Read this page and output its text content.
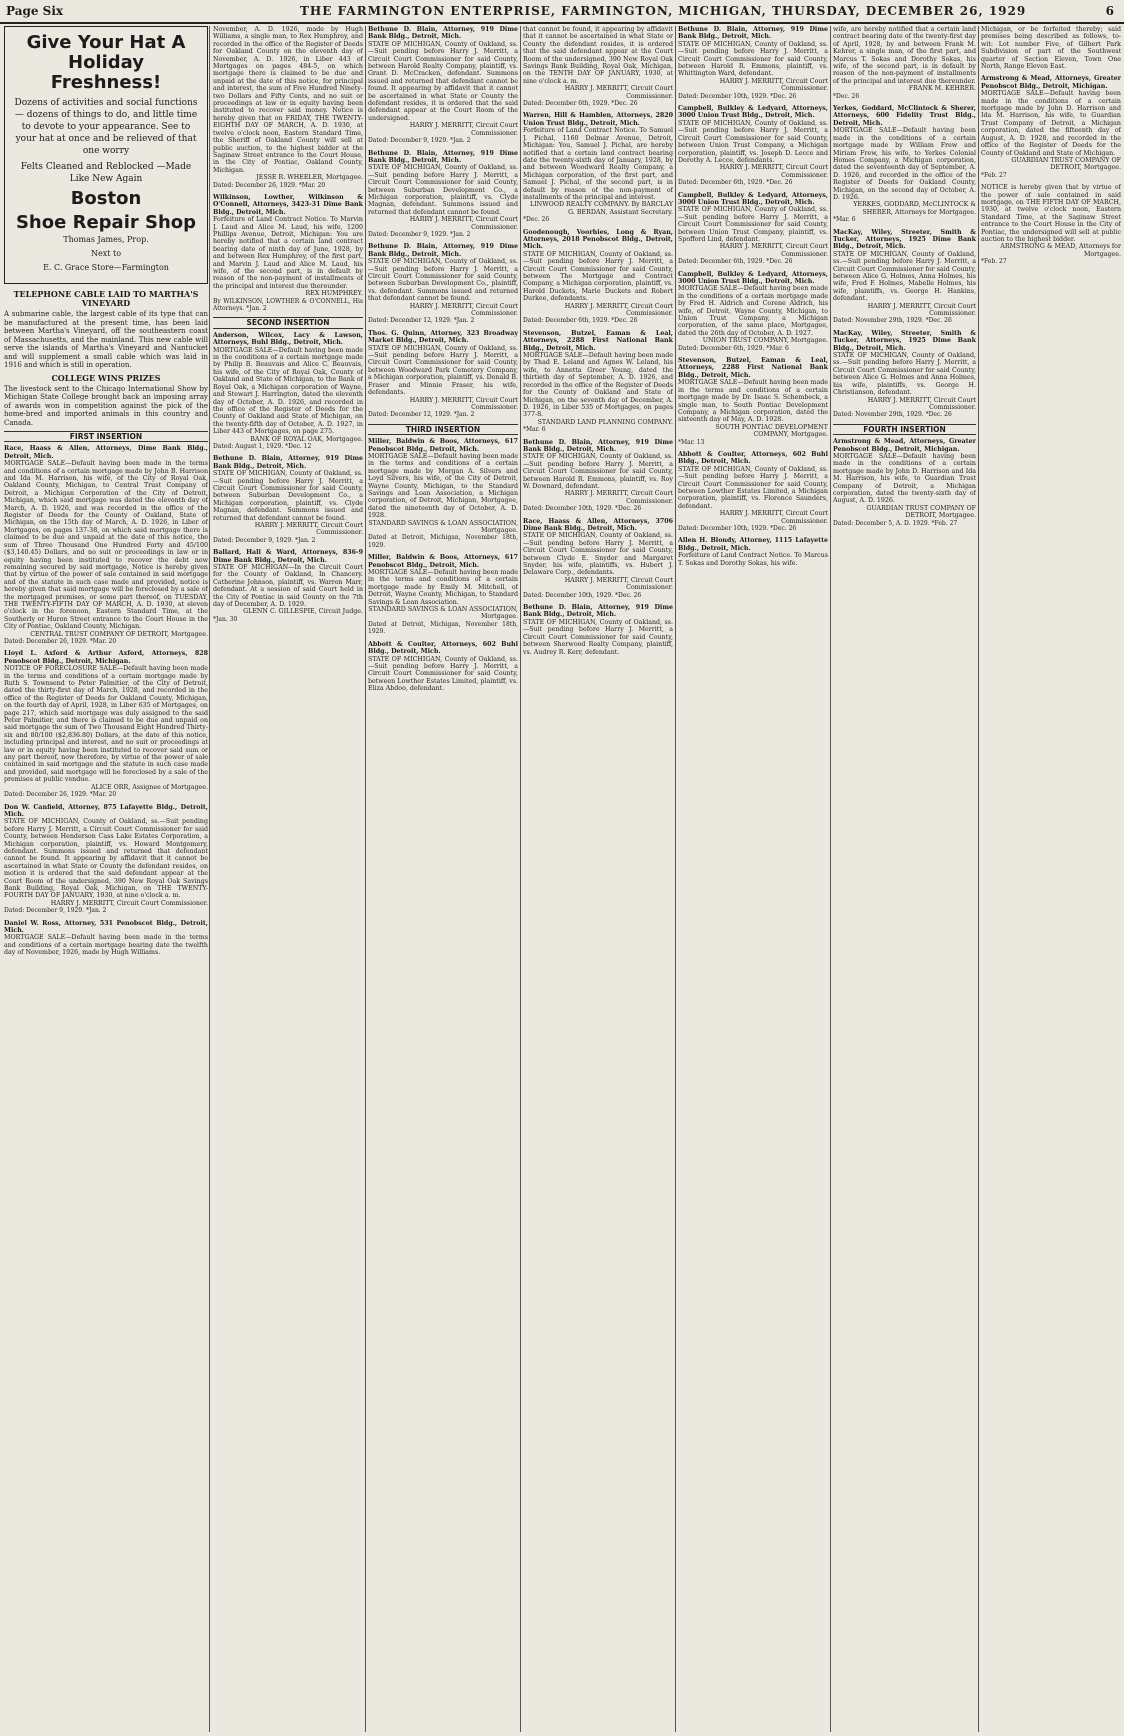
Page Six	THE FARMINGTON ENTERPRISE, FARMINGTON, MICHIGAN, THURSDAY, DECEMBER 26, 1929	6
Give Your Hat A Holiday Freshness!

Dozens of activities and social functions — dozens of things to do, and little time to devote to your appearance. See to your hat at once and be relieved of that one worry

Felts Cleaned and Reblocked —Made Like New Again

Boston
Shoe Repair Shop

Thomas James, Prop.

Next to

E. C. Grace Store—Farmington

TELEPHONE CABLE LAID TO MARTHA'S VINEYARD

A submarine cable, the largest cable of its type that can be manufactured at the present time, has been laid between Martha's Vineyard, off the southeastern coast of Massachusetts, and the mainland. This new cable will serve the islands of Martha's Vineyard and Nantucket and will supplement a small cable which was laid in 1916 and which is still in operation.

COLLEGE WINS PRIZES

The livestock sent to the Chicago International Show by Michigan State College brought back an imposing array of awards won in competition against the pick of the home-bred and imported animals in this country and Canada.

FIRST INSERTION
Race, Haass & Allen, Attorneys, Dime Bank Bldg., Detroit, Mich.
MORTGAGE SALE—Default having been made in the terms and conditions of a certain mortgage made by John B. Harrison and Ida M. Harrison, his wife, of the City of Royal Oak, Oakland County, Michigan, to Central Trust Company of Detroit, a Michigan Corporation of the City of Detroit, Michigan, which said mortgage was dated the eleventh day of March, A. D. 1926, and was recorded in the office of the Register of Deeds for the County of Oakland, State of Michigan, on the 15th day of March, A. D. 1926, in Liber of Mortgages, on pages 137-38, on which said mortgage there is claimed to be due and unpaid at the date of this notice, the sum of Three Thousand One Hundred Forty and 45/100 ($3,140.45) Dollars, and no suit or proceedings in law or in equity having been instituted to recover the debt now remaining secured by said mortgage, Notice is hereby given that by virtue of the power of sale contained in said mortgage and of the statute in such case made and provided, notice is hereby given that said mortgage will be foreclosed by a sale of the mortgaged premises, or some part thereof, on TUESDAY, THE TWENTY-FIFTH DAY OF MARCH, A. D. 1930, at eleven o'clock in the forenoon, Eastern Standard Time, at the Southerly or Huron Street entrance to the Court House in the City of Pontiac, Oakland County, Michigan.
CENTRAL TRUST COMPANY OF DETROIT, Mortgagee.
Dated: December 26, 1929. *Mar. 20
Lloyd L. Axford & Arthur Axford, Attorneys, 828 Penobscot Bldg., Detroit, Michigan.
NOTICE OF FORECLOSURE SALE—Default having been made in the terms and conditions of a certain mortgage made by Ruth S. Townsend to Peter Palmitier, of the City of Detroit, dated the thirty-first day of March, 1928, and recorded in the office of the Register of Deeds for Oakland County, Michigan, on the fourth day of April, 1928, in Liber 635 of Mortgages, on page 217, which said mortgage was duly assigned to the said Peter Palmitier, and there is claimed to be due and unpaid on said mortgage the sum of Two Thousand Eight Hundred Thirty-six and 80/100 ($2,836.80) Dollars, at the date of this notice, including principal and interest, and no suit or proceedings at law or in equity having been instituted to recover said sum or any part thereof, now therefore, by virtue of the power of sale contained in said mortgage and the statute in such case made and provided, said mortgage will be foreclosed by a sale of the premises at public vendue.
ALICE ORR, Assignee of Mortgagee.
Dated: December 26, 1929. *Mar. 20
Don W. Canfield, Attorney, 875 Lafayette Bldg., Detroit, Mich.
STATE OF MICHIGAN, County of Oakland, ss.—Suit pending before Harry J. Merritt, a Circuit Court Commissioner for said County, between Henderson Cass Lake Estates Corporation, a Michigan corporation, plaintiff, vs. Howard Montgomery, defendant. Summons issued and returned that defendant cannot be found. It appearing by affidavit that it cannot be ascertained in what State or County the defendant resides, on motion it is ordered that the said defendant appear at the Court Room of the undersigned, 390 New Royal Oak Savings Bank Building, Royal Oak, Michigan, on THE TWENTY-FOURTH DAY OF JANUARY, 1930, at nine o'clock a. m.
HARRY J. MERRITT, Circuit Court Commissioner.
Dated: December 9, 1929. *Jan. 2
Daniel W. Ross, Attorney, 531 Penobscot Bldg., Detroit, Mich.
MORTGAGE SALE—Default having been made in the terms and conditions of a certain mortgage bearing date the twelfth day of November, 1926, made by Hugh Williams.
November, A. D. 1926, made by Hugh Williams, a single man, to Rex Humphrey, and recorded in the office of the Register of Deeds for Oakland County on the eleventh day of November, A. D. 1926, in Liber 443 of Mortgages on pages 484-5, on which mortgage there is claimed to be due and unpaid at the date of this notice, for principal and interest, the sum of Five Hundred Ninety-two Dollars and Fifty Cents, and no suit or proceedings at law or in equity having been instituted to recover said money. Notice is hereby given that on FRIDAY, THE TWENTY-EIGHTH DAY OF MARCH, A. D. 1930, at twelve o'clock noon, Eastern Standard Time, the Sheriff of Oakland County will sell at public auction, to the highest bidder at the Saginaw Street entrance to the Court House, in the City of Pontiac, Oakland County, Michigan.
JESSE R. WHEELER, Mortgagee.
Dated: December 26, 1929. *Mar. 20
Wilkinson, Lowther, Wilkinson & O'Connell, Attorneys, 3423-31 Dime Bank Bldg., Detroit, Mich.
Forfeiture of Land Contract Notice. To Marvin J. Laud and Alice M. Laud, his wife, 1200 Phillips Avenue, Detroit, Michigan: You are hereby notified that a certain land contract bearing date of ninth day of June, 1928, by and between Rex Humphrey, of the first part, and Marvin J. Laud and Alice M. Laud, his wife, of the second part, is in default by reason of the non-payment of installments of the principal and interest due thereunder.
REX HUMPHREY.
By WILKINSON, LOWTHER & O'CONNELL, His Attorneys. *Jan. 2
SECOND INSERTION
Anderson, Wilcox, Lacy & Lawson, Attorneys, Buhl Bldg., Detroit, Mich.
MORTGAGE SALE—Default having been made in the conditions of a certain mortgage made by Philip B. Beauvais and Alice C. Beauvais, his wife, of the City of Royal Oak, County of Oakland and State of Michigan, to the Bank of Royal Oak, a Michigan corporation of Wayne, and Stewart J. Harrington, dated the eleventh day of October, A. D. 1926, and recorded in the office of the Register of Deeds for the County of Oakland and State of Michigan, on the twenty-fifth day of October, A. D. 1927, in Liber 443 of Mortgages, on page 275.
BANK OF ROYAL OAK, Mortgagee.
Dated: August 1, 1929. *Dec. 12
Bethune D. Blain, Attorney, 919 Dime Bank Bldg., Detroit, Mich.
STATE OF MICHIGAN, County of Oakland, ss.—Suit pending before Harry J. Merritt, a Circuit Court Commissioner for said County, between Suburban Development Co., a Michigan corporation, plaintiff, vs. Clyde Magnan, defendant. Summons issued and returned that defendant cannot be found.
HARRY J. MERRITT, Circuit Court Commissioner.
Dated: December 9, 1929. *Jan. 2
Ballard, Hall & Ward, Attorneys, 836-9 Dime Bank Bldg., Detroit, Mich.
STATE OF MICHIGAN—In the Circuit Court for the County of Oakland, In Chancery. Catherine Johnson, plaintiff, vs. Warren Marr, defendant. At a session of said Court held in the City of Pontiac in said County on the 7th day of December, A. D. 1929.
GLENN C. GILLESPIE, Circuit Judge.
*Jan. 30
Bethune D. Blain, Attorney, 919 Dime Bank Bldg., Detroit, Mich.
STATE OF MICHIGAN, County of Oakland, ss.—Suit pending before Harry J. Merritt, a Circuit Court Commissioner for said County, between Harold Realty Company, plaintiff, vs. Grant D. McCracken, defendant. Summons issued and returned that defendant cannot be found. It appearing by affidavit that it cannot be ascertained in what State or County the defendant resides, it is ordered that the said defendant appear at the Court Room of the undersigned.
HARRY J. MERRITT, Circuit Court Commissioner.
Dated: December 9, 1929. *Jan. 2
Bethune D. Blain, Attorney, 919 Dime Bank Bldg., Detroit, Mich.
STATE OF MICHIGAN, County of Oakland, ss.—Suit pending before Harry J. Merritt, a Circuit Court Commissioner for said County, between Suburban Development Co., a Michigan corporation, plaintiff, vs. Clyde Magnan, defendant. Summons issued and returned that defendant cannot be found.
HARRY J. MERRITT, Circuit Court Commissioner.
Dated: December 9, 1929. *Jan. 2
Bethune D. Blain, Attorney, 919 Dime Bank Bldg., Detroit, Mich.
STATE OF MICHIGAN, County of Oakland, ss.—Suit pending before Harry J. Merritt, a Circuit Court Commissioner for said County, between Suburban Development Co., plaintiff, vs. defendant. Summons issued and returned that defendant cannot be found.
HARRY J. MERRITT, Circuit Court Commissioner.
Dated: December 12, 1929. *Jan. 2
Thos. G. Quinn, Attorney, 323 Broadway Market Bldg., Detroit, Mich.
STATE OF MICHIGAN, County of Oakland, ss.—Suit pending before Harry J. Merritt, a Circuit Court Commissioner for said County, between Woodward Park Cemetery Company, a Michigan corporation, plaintiff, vs. Donald B. Fraser and Minnie Fraser, his wife, defendants.
HARRY J. MERRITT, Circuit Court Commissioner.
Dated: December 12, 1929. *Jan. 2
THIRD INSERTION
Miller, Baldwin & Boos, Attorneys, 617 Penobscot Bldg., Detroit, Mich.
MORTGAGE SALE—Default having been made in the terms and conditions of a certain mortgage made by Morgan A. Silvers and Loyd Silvers, his wife, of the City of Detroit, Wayne County, Michigan, to the Standard Savings and Loan Association, a Michigan corporation, of Detroit, Michigan, Mortgagee, dated the nineteenth day of October, A. D. 1928.
STANDARD SAVINGS & LOAN ASSOCIATION, Mortgagee.
Dated at Detroit, Michigan, November 18th, 1929.
Miller, Baldwin & Boos, Attorneys, 617 Penobscot Bldg., Detroit, Mich.
MORTGAGE SALE—Default having been made in the terms and conditions of a certain mortgage made by Emily M. Mitchell, of Detroit, Wayne County, Michigan, to Standard Savings & Loan Association.
STANDARD SAVINGS & LOAN ASSOCIATION, Mortgagee.
Dated at Detroit, Michigan, November 18th, 1929.
Abbott & Coulter, Attorneys, 602 Buhl Bldg., Detroit, Mich.
STATE OF MICHIGAN, County of Oakland, ss.—Suit pending before Harry J. Merritt, a Circuit Court Commissioner for said County, between Lowther Estates Limited, plaintiff, vs. Eliza Abdoo, defendant.
that cannot be found, it appearing by affidavit that it cannot be ascertained in what State or County the defendant resides, it is ordered that the said defendant appear at the Court Room of the undersigned, 390 New Royal Oak Savings Bank Building, Royal Oak, Michigan, on the TENTH DAY OF JANUARY, 1930, at nine o'clock a. m.
HARRY J. MERRITT, Circuit Court Commissioner.
Dated: December 6th, 1929. *Dec. 26
Warren, Hill & Hamblen, Attorneys, 2820 Union Trust Bldg., Detroit, Mich.
Forfeiture of Land Contract Notice. To Samuel J. Pichal, 1160 Delmar Avenue, Detroit, Michigan: You, Samuel J. Pichal, are hereby notified that a certain land contract bearing date the twenty-sixth day of January, 1928, by and between Woodward Realty Company, a Michigan corporation, of the first part, and Samuel J. Pichal, of the second part, is in default by reason of the non-payment of installments of the principal and interest.
LINWOOD REALTY COMPANY. By BARCLAY G. BERDAN, Assistant Secretary.
*Dec. 26
Goodenough, Voorhies, Long & Ryan, Attorneys, 2018 Penobscot Bldg., Detroit, Mich.
STATE OF MICHIGAN, County of Oakland, ss.—Suit pending before Harry J. Merritt, a Circuit Court Commissioner for said County, between The Mortgage and Contract Company, a Michigan corporation, plaintiff, vs. Harold Duckets, Marie Duckets and Robert Durkee, defendants.
HARRY J. MERRITT, Circuit Court Commissioner.
Dated: December 6th, 1929. *Dec. 26
Stevenson, Butzel, Eaman & Leal, Attorneys, 2288 First National Bank Bldg., Detroit, Mich.
MORTGAGE SALE—Default having been made by Thad E. Leland and Agnes W. Leland, his wife, to Annetta Greer Young, dated the thirtieth day of September, A. D. 1926, and recorded in the office of the Register of Deeds for the County of Oakland and State of Michigan, on the seventh day of December, A. D. 1926, in Liber 535 of Mortgages, on pages 377-8.
STANDARD LAND PLANNING COMPANY.
*Mar. 6
Bethune D. Blain, Attorney, 919 Dime Bank Bldg., Detroit, Mich.
STATE OF MICHIGAN, County of Oakland, ss.—Suit pending before Harry J. Merritt, a Circuit Court Commissioner for said County, between Harold R. Emmons, plaintiff, vs. Roy W. Downard, defendant.
HARRY J. MERRITT, Circuit Court Commissioner.
Dated: December 10th, 1929. *Dec. 26
Race, Haass & Allen, Attorneys, 3706 Dime Bank Bldg., Detroit, Mich.
STATE OF MICHIGAN, County of Oakland, ss.—Suit pending before Harry J. Merritt, a Circuit Court Commissioner for said County, between Clyde E. Snyder and Margaret Snyder, his wife, plaintiffs, vs. Hubert J. Delaware Corp., defendants.
HARRY J. MERRITT, Circuit Court Commissioner.
Dated: December 10th, 1929. *Dec. 26
Bethune D. Blain, Attorney, 919 Dime Bank Bldg., Detroit, Mich.
STATE OF MICHIGAN, County of Oakland, ss.—Suit pending before Harry J. Merritt, a Circuit Court Commissioner for said County, between Sherwood Realty Company, plaintiff, vs. Audrey R. Kerr, defendant.
Bethune D. Blain, Attorney, 919 Dime Bank Bldg., Detroit, Mich.
STATE OF MICHIGAN, County of Oakland, ss.—Suit pending before Harry J. Merritt, a Circuit Court Commissioner for said County, between Harold R. Emmons, plaintiff, vs. Whittington Ward, defendant.
HARRY J. MERRITT, Circuit Court Commissioner.
Dated: December 10th, 1929. *Dec. 26
Campbell, Bulkley & Ledyard, Attorneys, 3000 Union Trust Bldg., Detroit, Mich.
STATE OF MICHIGAN, County of Oakland, ss.—Suit pending before Harry J. Merritt, a Circuit Court Commissioner for said County, between Union Trust Company, a Michigan corporation, plaintiff, vs. Joseph D. Lecce and Dorothy A. Lecce, defendants.
HARRY J. MERRITT, Circuit Court Commissioner.
Dated: December 6th, 1929. *Dec. 26
Campbell, Bulkley & Ledyard, Attorneys, 3000 Union Trust Bldg., Detroit, Mich.
STATE OF MICHIGAN, County of Oakland, ss.—Suit pending before Harry J. Merritt, a Circuit Court Commissioner for said County, between Union Trust Company, plaintiff, vs. Spofford Lind, defendant.
HARRY J. MERRITT, Circuit Court Commissioner.
Dated: December 6th, 1929. *Dec. 26
Campbell, Bulkley & Ledyard, Attorneys, 3000 Union Trust Bldg., Detroit, Mich.
MORTGAGE SALE—Default having been made in the conditions of a certain mortgage made by Fred H. Aldrich and Corene Aldrich, his wife, of Detroit, Wayne County, Michigan, to Union Trust Company, a Michigan corporation, of the same place, Mortgagee, dated the 26th day of October, A. D. 1927.
UNION TRUST COMPANY, Mortgagee.
Dated: December 6th, 1929. *Mar. 6
Stevenson, Butzel, Eaman & Leal, Attorneys, 2288 First National Bank Bldg., Detroit, Mich.
MORTGAGE SALE—Default having been made in the terms and conditions of a certain mortgage made by Dr. Isaac S. Schembeck, a single man, to South Pontiac Development Company, a Michigan corporation, dated the sixteenth day of May, A. D. 1928.
SOUTH PONTIAC DEVELOPMENT COMPANY, Mortgagee.
*Mar. 13
Abbott & Coulter, Attorneys, 602 Buhl Bldg., Detroit, Mich.
STATE OF MICHIGAN, County of Oakland, ss.—Suit pending before Harry J. Merritt, a Circuit Court Commissioner for said County, between Lowther Estates Limited, a Michigan corporation, plaintiff, vs. Florence Saunders, defendant.
HARRY J. MERRITT, Circuit Court Commissioner.
Dated: December 10th, 1929. *Dec. 26
Allen H. Blondy, Attorney, 1115 Lafayette Bldg., Detroit, Mich.
Forfeiture of Land Contract Notice. To Marcus T. Sokas and Dorothy Sokas, his wife.
wife, are hereby notified that a certain land contract bearing date of the twenty-first day of April, 1928, by and between Frank M. Kehrer, a single man, of the first part, and Marcus T. Sokas and Dorothy Sokas, his wife, of the second part, is in default by reason of the non-payment of installments of the principal and interest due thereunder.
FRANK M. KEHRER.
*Dec. 26
Yerkes, Goddard, McClintock & Sherer, Attorneys, 600 Fidelity Trust Bldg., Detroit, Mich.
MORTGAGE SALE—Default having been made in the conditions of a certain mortgage made by William Frew and Miriam Frew, his wife, to Yerkes Colonial Homes Company, a Michigan corporation, dated the seventeenth day of September, A. D. 1926, and recorded in the office of the Register of Deeds for Oakland County, Michigan, on the second day of October, A. D. 1926.
YERKES, GODDARD, McCLINTOCK & SHERER, Attorneys for Mortgagee.
*Mar. 6
MacKay, Wiley, Streeter, Smith & Tucker, Attorneys, 1925 Dime Bank Bldg., Detroit, Mich.
STATE OF MICHIGAN, County of Oakland, ss.—Suit pending before Harry J. Merritt, a Circuit Court Commissioner for said County, between Alice G. Holmes, Anna Holmes, his wife, Fred F. Holmes, Mabelle Holmes, his wife, plaintiffs, vs. George H. Hankins, defendant.
HARRY J. MERRITT, Circuit Court Commissioner.
Dated: November 29th, 1929. *Dec. 26
MacKay, Wiley, Streeter, Smith & Tucker, Attorneys, 1925 Dime Bank Bldg., Detroit, Mich.
STATE OF MICHIGAN, County of Oakland, ss.—Suit pending before Harry J. Merritt, a Circuit Court Commissioner for said County, between Alice G. Holmes and Anna Holmes, his wife, plaintiffs, vs. George H. Christianson, defendant.
HARRY J. MERRITT, Circuit Court Commissioner.
Dated: November 29th, 1929. *Dec. 26
FOURTH INSERTION
Armstrong & Mead, Attorneys, Greater Penobscot Bldg., Detroit, Michigan.
MORTGAGE SALE—Default having been made in the conditions of a certain mortgage made by John D. Harrison and Ida M. Harrison, his wife, to Guardian Trust Company of Detroit, a Michigan corporation, dated the twenty-sixth day of August, A. D. 1926.
GUARDIAN TRUST COMPANY OF DETROIT, Mortgagee.
Dated: December 5, A. D. 1929. *Feb. 27
Michigan, or be forfeited thereby; said premises being described as follows, to-wit: Lot number Five, of Gilbert Park Subdivision of part of the Southwest quarter of Section Eleven, Town One North, Range Eleven East.
Armstrong & Mead, Attorneys, Greater Penobscot Bldg., Detroit, Michigan.
MORTGAGE SALE—Default having been made in the conditions of a certain mortgage made by John D. Harrison and Ida M. Harrison, his wife, to Guardian Trust Company of Detroit, a Michigan corporation, dated the fifteenth day of August, A. D. 1928, and recorded in the office of the Register of Deeds for the County of Oakland and State of Michigan.
GUARDIAN TRUST COMPANY OF DETROIT, Mortgagee.
*Feb. 27
NOTICE is hereby given that by virtue of the power of sale contained in said mortgage, on THE FIFTH DAY OF MARCH, 1930, at twelve o'clock noon, Eastern Standard Time, at the Saginaw Street entrance to the Court House in the City of Pontiac, the undersigned will sell at public auction to the highest bidder.
ARMSTRONG & MEAD, Attorneys for Mortgagee.
*Feb. 27
